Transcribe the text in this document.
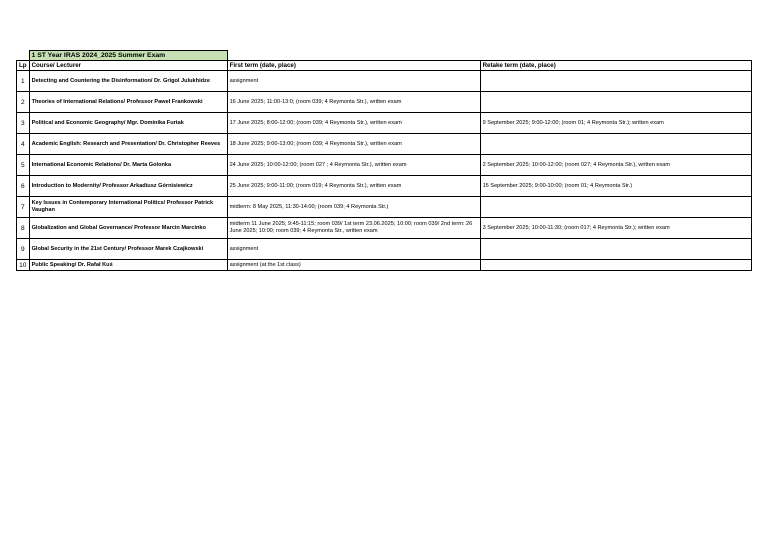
	1 ST Year IRAS 2024_2025 Summer Exam		
Lp	Course/ Lecturer	First term (date, place)	Retake term (date, place)
1	Detecting and Countering the Disinformation/ Dr. Grigol Julukhidze	assignment	
2	Theories of International Relations/ Professor Paweł Frankowski	16 June 2025; 11:00-13:0; (room 039; 4 Reymonta Str.), written exam	
3	Political and Economic Geography/ Mgr. Dominika Furtak	17 June 2025; 8:00-12:00; (room 039; 4 Reymonta Str.), written exam	9 September 2025; 9:00-12:00; (room 01; 4 Reymonta Str.); written exam
4	Academic English: Research and Presentation/ Dr. Christopher Reeves	18 June 2025; 9:00-13:00; (room 039; 4 Reymonta Str.), written exam	
5	International Economic Relations/ Dr. Marta Golonka	24 June 2025; 10:00-12:00; (room 027 ; 4 Reymonta Str.), written exam	2 September 2025; 10:00-12:00; (room 027; 4 Reymonta Str.), written exam
6	Introduction to Modernity/ Professor Arkadiusz Górnisiewicz	25 June 2025; 9:00-11:00; (room 019; 4 Reymonta Str.), written exam	15 September 2025; 9:00-10:00; (room 01; 4 Reymonta Str.)
7	Key Issues in Contemporary International Politics/ Professor Patrick Vaughan	midterm: 8 May 2025, 11:30-14:00; (room 039; 4 Reymonta Str.)	
8	Globalization and Global Governance/ Professor Marcin Marcinko	midterm 11 June 2025; 9:45-11:15; room 039/ 1st term 23.06.2025; 10:00; room 039/ 2nd term: 26 June 2025; 10:00; room 039; 4 Reymonta Str., written exam	3 September 2025; 10:00-11:30; (room 017; 4 Reymonta Str.); written exam
9	Global Security in the 21st Century/ Professor Marek Czajkowski	assignment	
10	Public Speaking/ Dr. Rafał Kuś	assignment (at the 1st class)	
